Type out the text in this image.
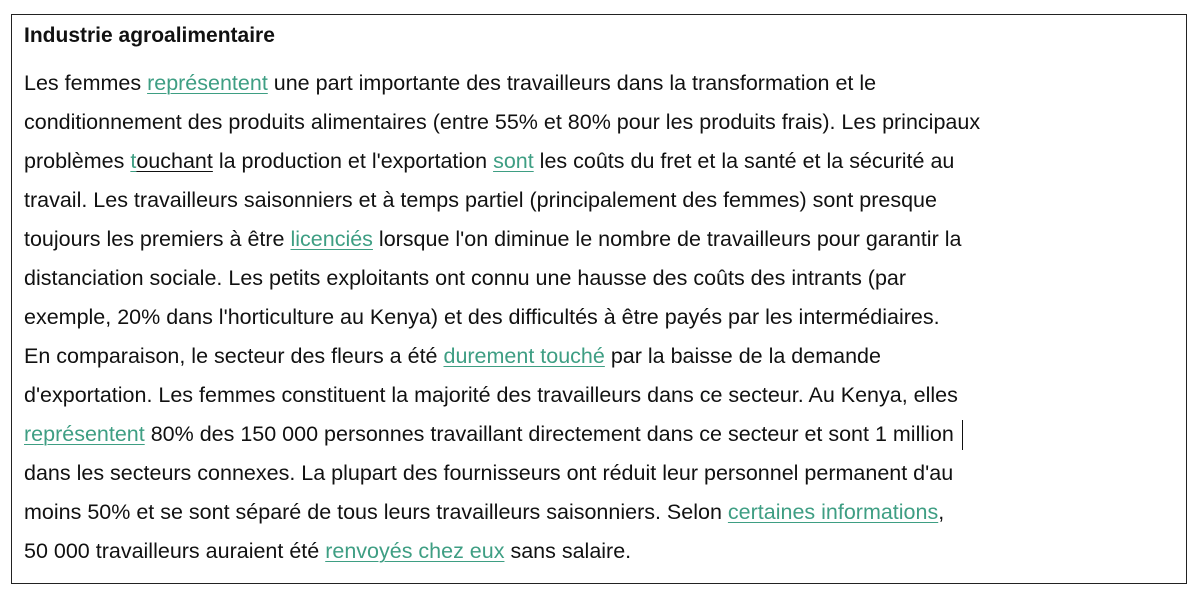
Industrie agroalimentaire
Les femmes représentent une part importante des travailleurs dans la transformation et le
conditionnement des produits alimentaires (entre 55% et 80% pour les produits frais). Les principaux
problèmes touchant la production et l'exportation sont les coûts du fret et la santé et la sécurité au
travail. Les travailleurs saisonniers et à temps partiel (principalement des femmes) sont presque
toujours les premiers à être licenciés lorsque l'on diminue le nombre de travailleurs pour garantir la
distanciation sociale. Les petits exploitants ont connu une hausse des coûts des intrants (par
exemple, 20% dans l'horticulture au Kenya) et des difficultés à être payés par les intermédiaires.
En comparaison, le secteur des fleurs a été durement touché par la baisse de la demande
d'exportation. Les femmes constituent la majorité des travailleurs dans ce secteur. Au Kenya, elles
représentent 80% des 150 000 personnes travaillant directement dans ce secteur et sont 1 million
dans les secteurs connexes. La plupart des fournisseurs ont réduit leur personnel permanent d'au
moins 50% et se sont séparé de tous leurs travailleurs saisonniers. Selon certaines informations,
50 000 travailleurs auraient été renvoyés chez eux sans salaire.
